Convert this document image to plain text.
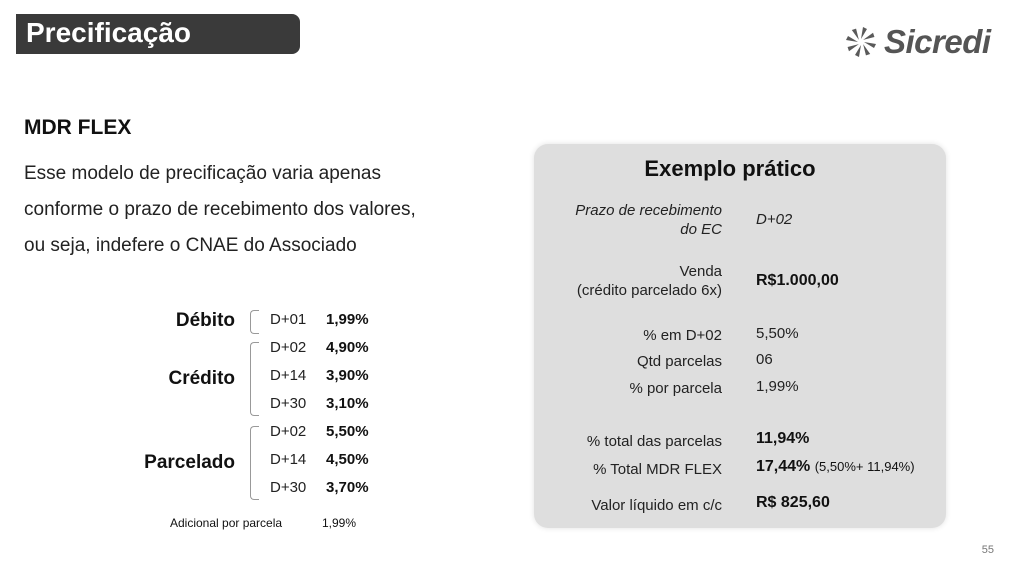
Precificação	Sicredi
MDR FLEX
Esse modelo de precificação varia apenas
conforme o prazo de recebimento dos valores,
ou seja, indefere o CNAE do Associado
Débito D+01 1,99%
Crédito
D+02 4,90%
D+14 3,90%
D+30 3,10%
Parcelado
D+02 5,50%
D+14 4,50%
D+30 3,70%
Adicional por parcela	1,99%
Exemplo prático
Prazo de recebimento
do EC
D+02
Venda
(crédito parcelado 6x)
R$1.000,00
% em D+02 5,50%
Qtd parcelas 06
% por parcela 1,99%
% total das parcelas 11,94%
% Total MDR FLEX 17,44% (5,50%+ 11,94%)
Valor líquido em c/c R$ 825,60
55
